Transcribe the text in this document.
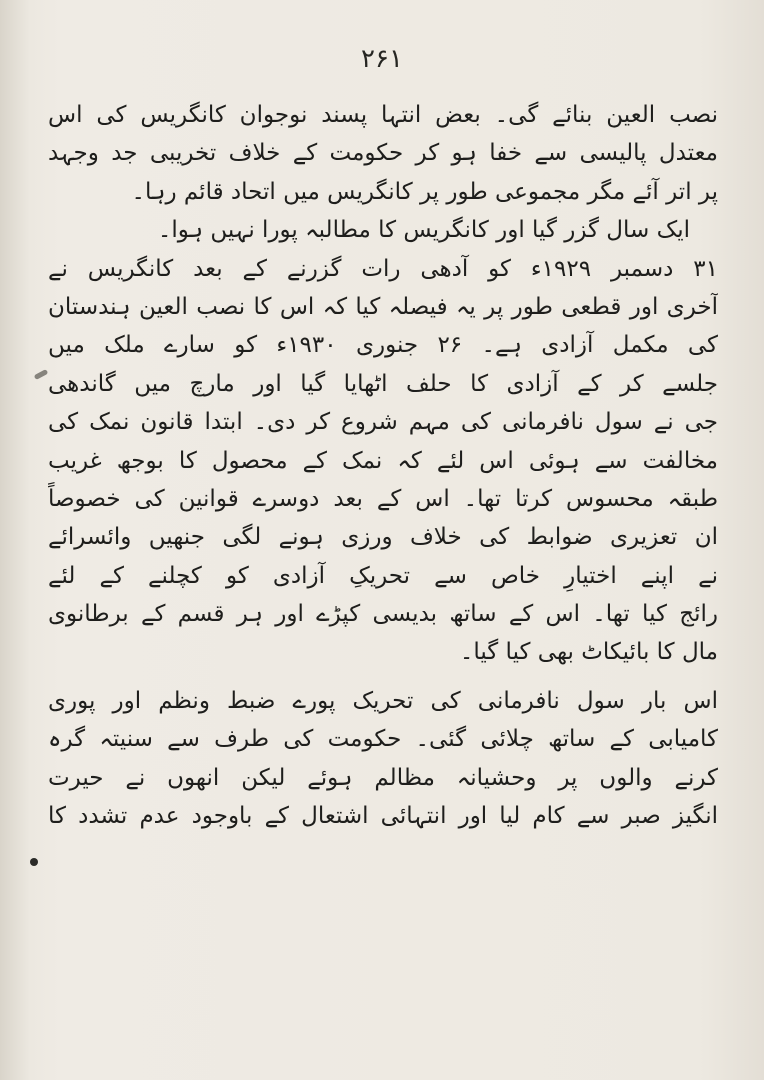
۲۶۱
نصب العین بنائے گی۔ بعض انتہا پسند نوجوان کانگریس کی اس
معتدل پالیسی سے خفا ہو کر حکومت کے خلاف تخریبی جد وجہد
پر اتر آئے مگر مجموعی طور پر کانگریس میں اتحاد قائم رہا۔
ایک سال گزر گیا اور کانگریس کا مطالبہ پورا نہیں ہوا۔
۳۱ دسمبر ۱۹۲۹ء کو آدھی رات گزرنے کے بعد کانگریس نے
آخری اور قطعی طور پر یہ فیصلہ کیا کہ اس کا نصب العین ہندستان
کی مکمل آزادی ہے۔ ۲۶ جنوری ۱۹۳۰ء کو سارے ملک میں
جلسے کر کے آزادی کا حلف اٹھایا گیا اور مارچ میں گاندھی
جی نے سول نافرمانی کی مہم شروع کر دی۔ ابتدا قانون نمک کی
مخالفت سے ہوئی اس لئے کہ نمک کے محصول کا بوجھ غریب
طبقہ محسوس کرتا تھا۔ اس کے بعد دوسرے قوانین کی خصوصاً
ان تعزیری ضوابط کی خلاف ورزی ہونے لگی جنھیں وائسرائے
نے اپنے اختیارِ خاص سے تحریکِ آزادی کو کچلنے کے لئے
رائج کیا تھا۔ اس کے ساتھ بدیسی کپڑے اور ہر قسم کے برطانوی
مال کا بائیکاٹ بھی کیا گیا۔
اس بار سول نافرمانی کی تحریک پورے ضبط ونظم اور پوری
کامیابی کے ساتھ چلائی گئی۔ حکومت کی طرف سے سنیتہ گرہ
کرنے والوں پر وحشیانہ مظالم ہوئے لیکن انھوں نے حیرت
انگیز صبر سے کام لیا اور انتہائی اشتعال کے باوجود عدم تشدد کا
